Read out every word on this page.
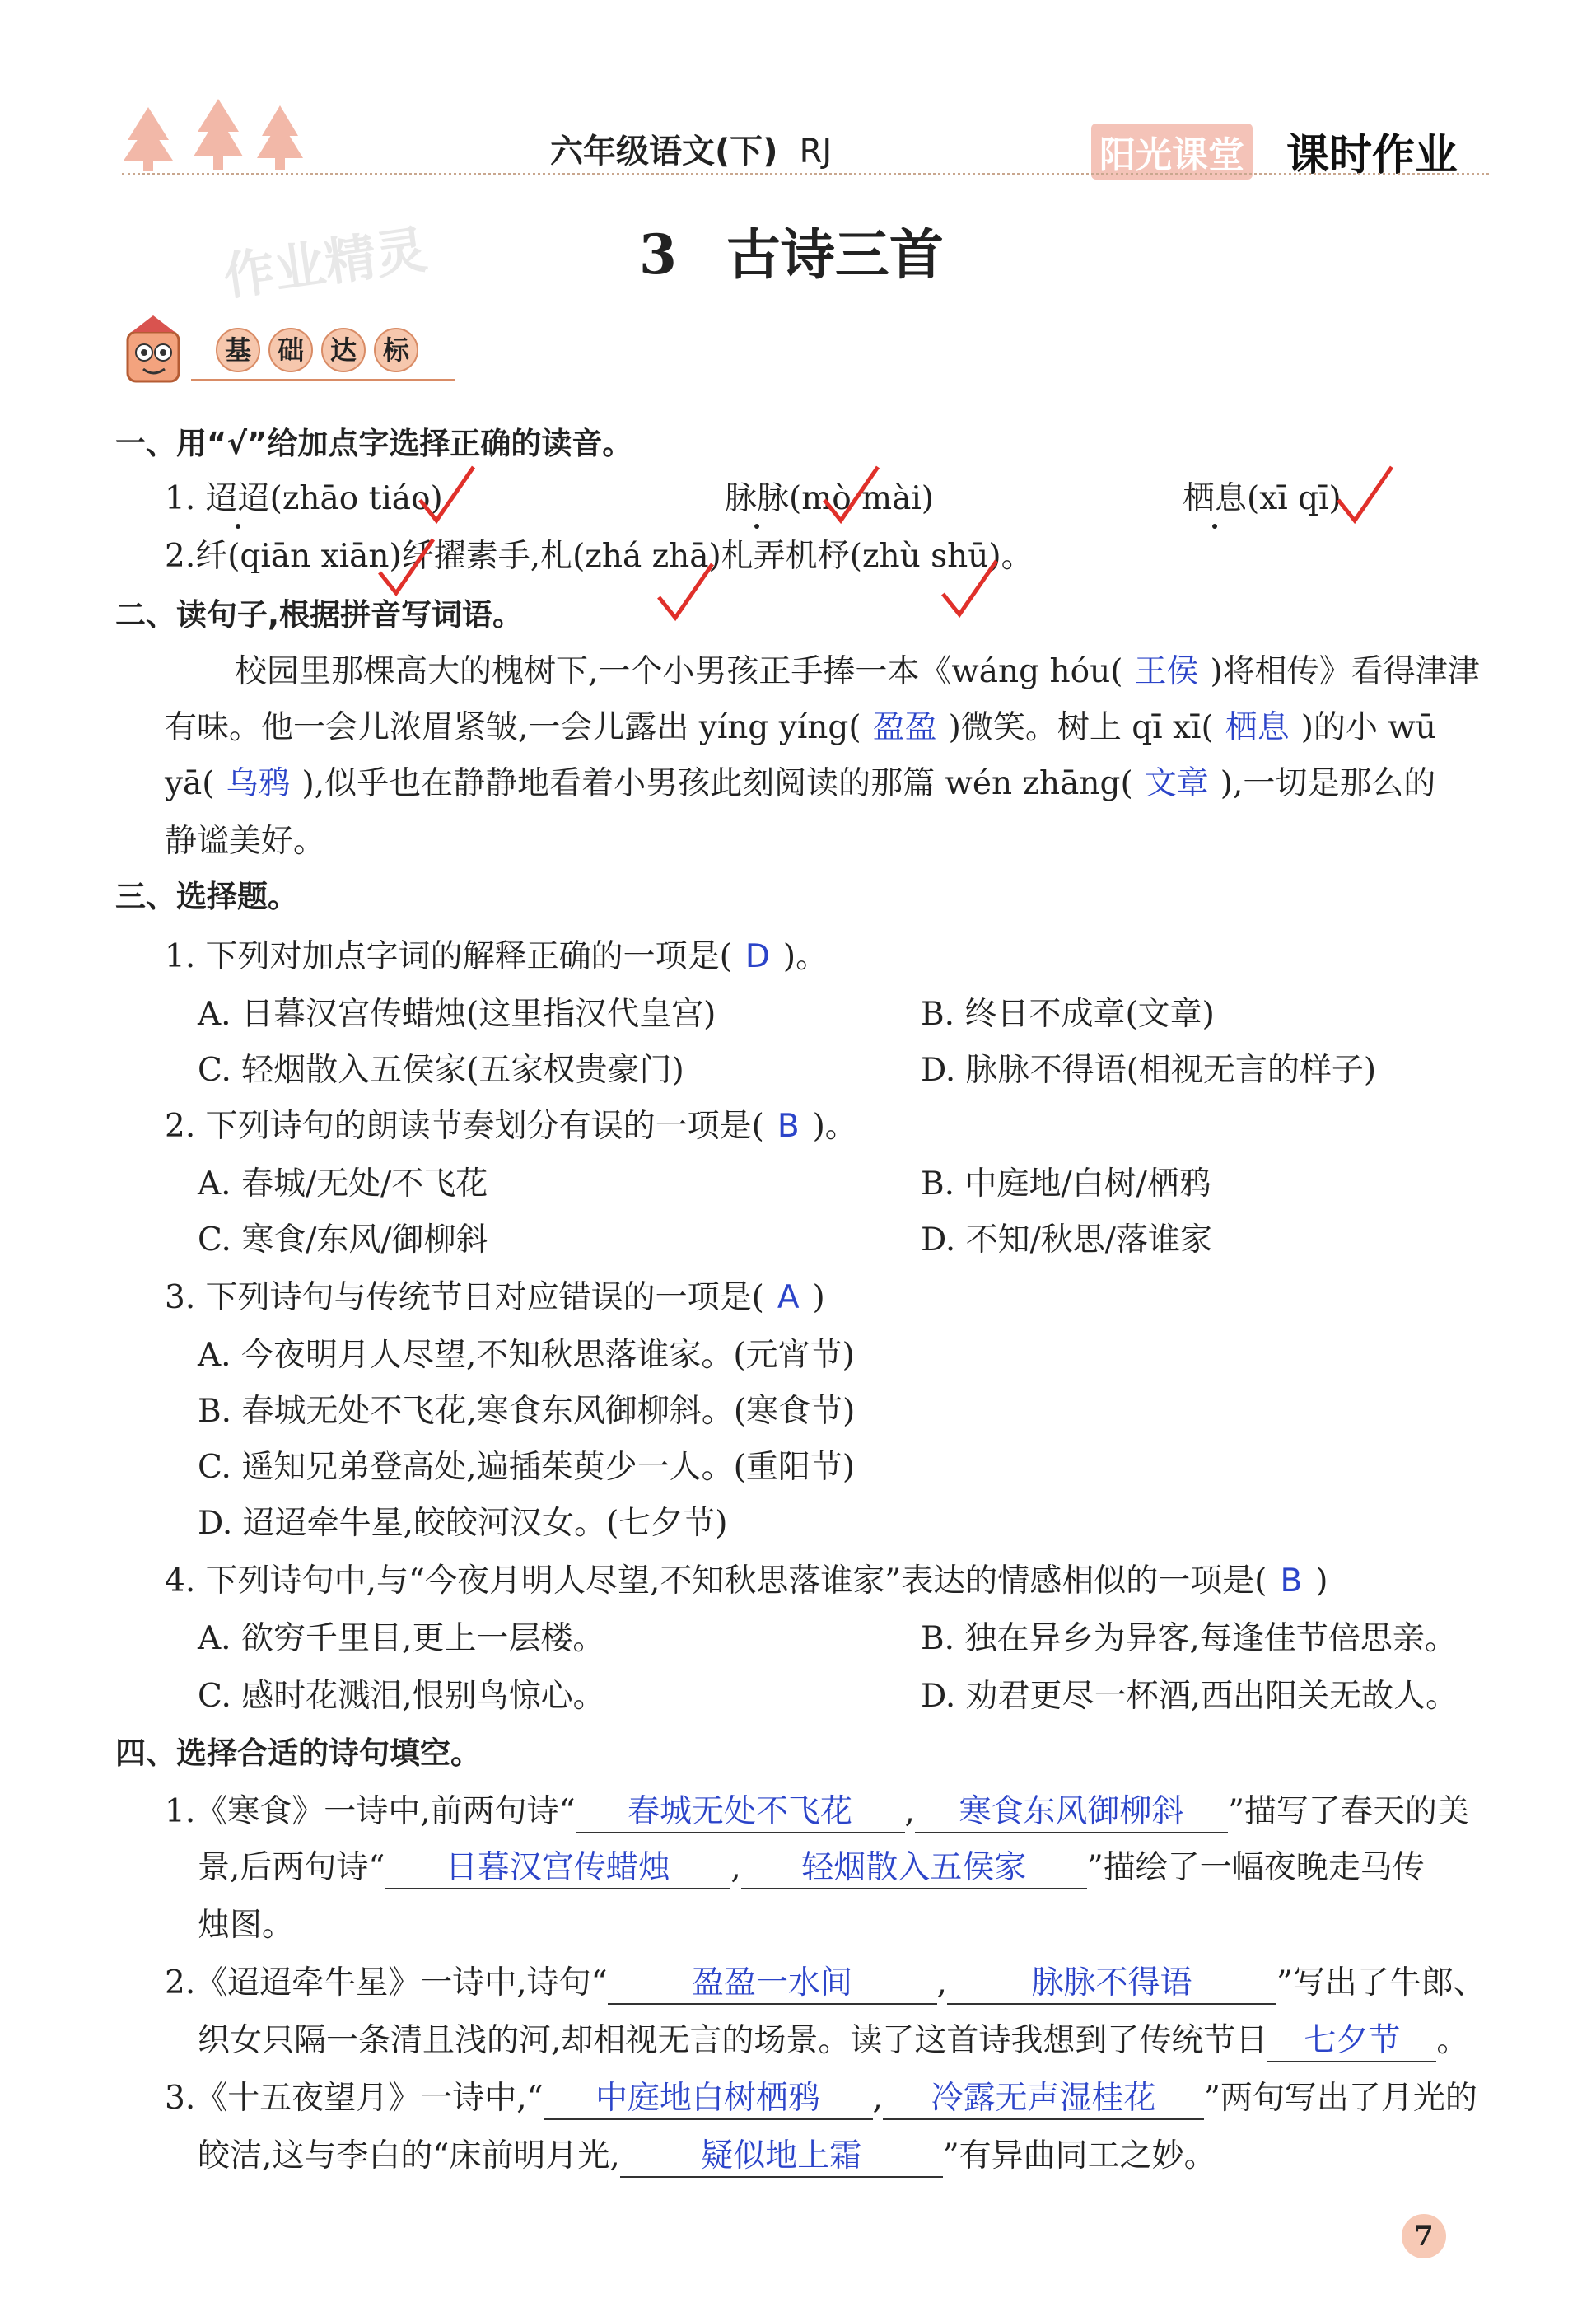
六年级语文(下) RJ	阳光课堂 课时作业
作业精灵	3 古诗三首
基 础 达 标
一、用“√”给加点字选择正确的读音。
1. 迢迢(zhāo tiáo)	脉脉(mò mài)	栖息(xī qī)
2.纤(qiān xiān)纤擢素手,札(zhá zhā)札弄机杼(zhù shū)。
二、读句子,根据拼音写词语。
校园里那棵高大的槐树下,一个小男孩正手捧一本《wáng hóu( 王侯 )将相传》看得津津
有味。他一会儿浓眉紧皱,一会儿露出 yíng yíng( 盈盈 )微笑。树上 qī xī( 栖息 )的小 wū
yā( 乌鸦 ),似乎也在静静地看着小男孩此刻阅读的那篇 wén zhāng( 文章 ),一切是那么的
静谧美好。
三、选择题。
1. 下列对加点字词的解释正确的一项是( D )。
A. 日暮汉宫传蜡烛(这里指汉代皇宫)	B. 终日不成章(文章)
C. 轻烟散入五侯家(五家权贵豪门)	D. 脉脉不得语(相视无言的样子)
2. 下列诗句的朗读节奏划分有误的一项是( B )。
A. 春城/无处/不飞花	B. 中庭地/白树/栖鸦
C. 寒食/东风/御柳斜	D. 不知/秋思/落谁家
3. 下列诗句与传统节日对应错误的一项是( A )
A. 今夜明月人尽望,不知秋思落谁家。(元宵节)
B. 春城无处不飞花,寒食东风御柳斜。(寒食节)
C. 遥知兄弟登高处,遍插茱萸少一人。(重阳节)
D. 迢迢牵牛星,皎皎河汉女。(七夕节)
4. 下列诗句中,与“今夜月明人尽望,不知秋思落谁家”表达的情感相似的一项是( B )
A. 欲穷千里目,更上一层楼。	B. 独在异乡为异客,每逢佳节倍思亲。
C. 感时花溅泪,恨别鸟惊心。	D. 劝君更尽一杯酒,西出阳关无故人。
四、选择合适的诗句填空。
1.《寒食》一诗中,前两句诗“ 春城无处不飞花 , 寒食东风御柳斜 ”描写了春天的美
景,后两句诗“ 日暮汉宫传蜡烛 , 轻烟散入五侯家 ”描绘了一幅夜晚走马传
烛图。
2.《迢迢牵牛星》一诗中,诗句“	盈盈一水间	,	脉脉不得语	”写出了牛郎、
织女只隔一条清且浅的河,却相视无言的场景。读了这首诗我想到了传统节日 七夕节 。
3.《十五夜望月》一诗中,“ 中庭地白树栖鸦 , 冷露无声湿桂花 ”两句写出了月光的
皎洁,这与李白的“床前明月光,	疑似地上霜	”有异曲同工之妙。
7
